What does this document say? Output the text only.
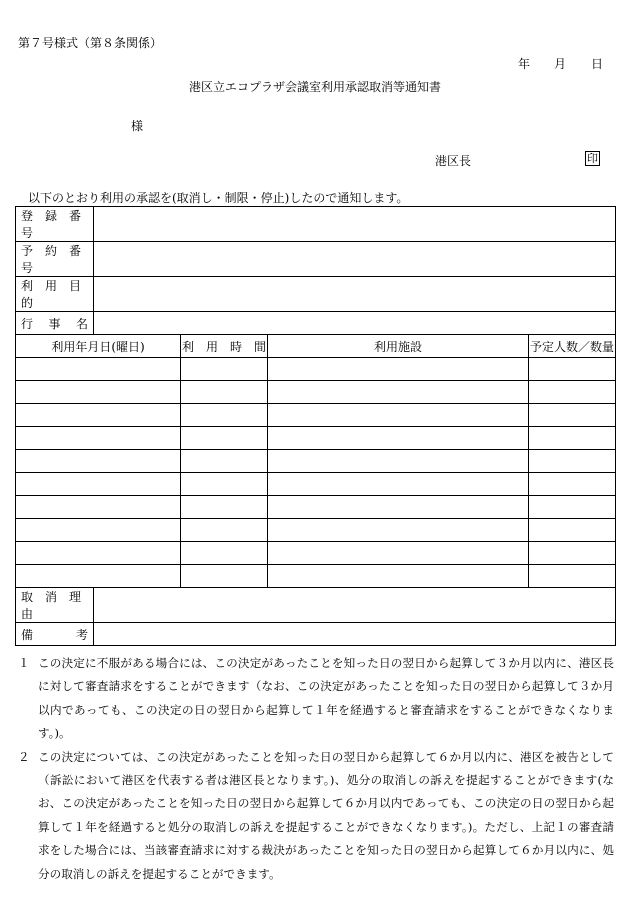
第７号様式（第８条関係）
年 月 日
港区立エコプラザ会議室利用承認取消等通知書
様
港区長	印
以下のとおり利用の承認を(取消し・制限・停止)したので通知します。
登　録　番　号				
予　約　番　号				
利　用　目　的				

行 事 名				

利用年月日(曜日)		利　用　時　間	利用施設	予定人数／数量

取　消　理　由				

備 考				

１ この決定に不服がある場合には、この決定があったことを知った日の翌日から起算して３か月以内に、港区長に対して審査請求をすることができます（なお、この決定があったことを知った日の翌日から起算して３か月以内であっても、この決定の日の翌日から起算して１年を経過すると審査請求をすることができなくなります。)。
２ この決定については、この決定があったことを知った日の翌日から起算して６か月以内に、港区を被告として（訴訟において港区を代表する者は港区長となります。)、処分の取消しの訴えを提起することができます(なお、この決定があったことを知った日の翌日から起算して６か月以内であっても、この決定の日の翌日から起算して１年を経過すると処分の取消しの訴えを提起することができなくなります。)。ただし、上記１の審査請求をした場合には、当該審査請求に対する裁決があったことを知った日の翌日から起算して６か月以内に、処分の取消しの訴えを提起することができます。
